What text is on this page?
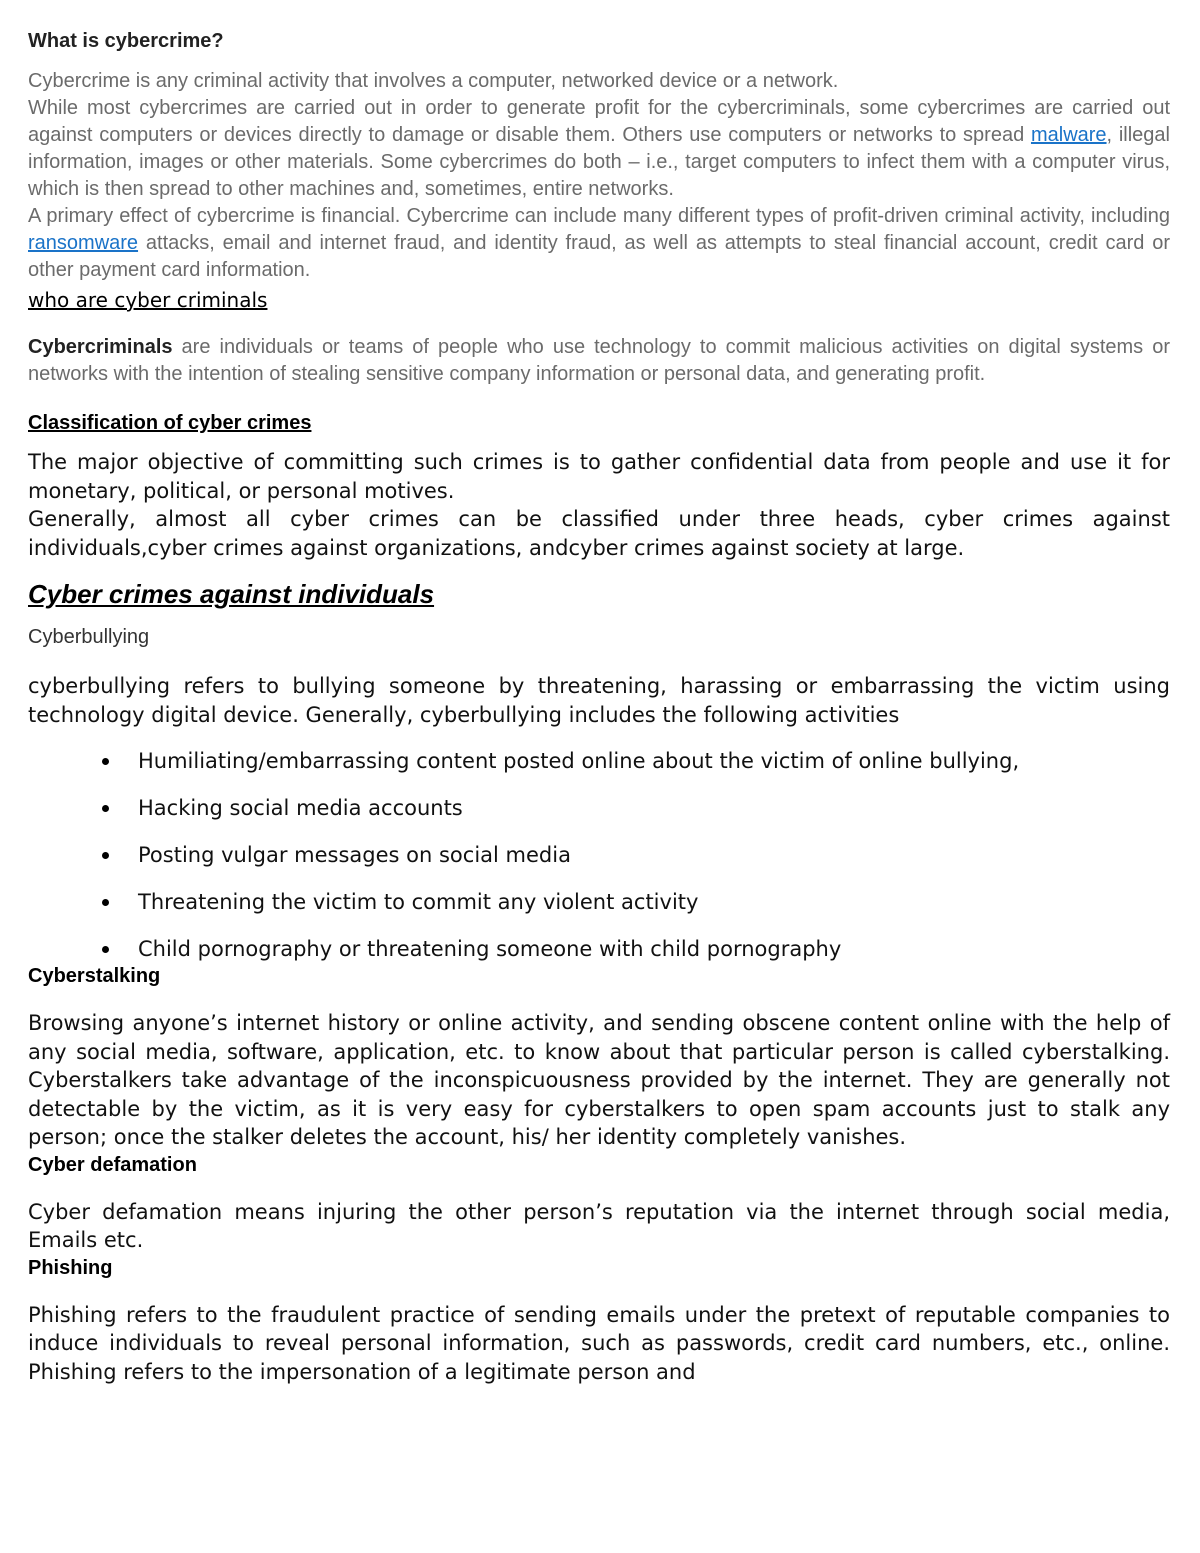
What is cybercrime?

Cybercrime is any criminal activity that involves a computer, networked device or a network.

While most cybercrimes are carried out in order to generate profit for the cybercriminals, some cybercrimes are carried out against computers or devices directly to damage or disable them. Others use computers or networks to spread malware, illegal information, images or other materials. Some cybercrimes do both – i.e., target computers to infect them with a computer virus, which is then spread to other machines and, sometimes, entire networks.

A primary effect of cybercrime is financial. Cybercrime can include many different types of profit-driven criminal activity, including ransomware attacks, email and internet fraud, and identity fraud, as well as attempts to steal financial account, credit card or other payment card information.

who are cyber criminals

Cybercriminals are individuals or teams of people who use technology to commit malicious activities on digital systems or networks with the intention of stealing sensitive company information or personal data, and generating profit.

Classification of cyber crimes

The major objective of committing such crimes is to gather confidential data from people and use it for monetary, political, or personal motives.

Generally, almost all cyber crimes can be classified under three heads, cyber crimes against individuals,cyber crimes against organizations, andcyber crimes against society at large.

Cyber crimes against individuals
Cyberbullying

cyberbullying refers to bullying someone by threatening, harassing or embarrassing the victim using technology digital device. Generally, cyberbullying includes the following activities

Humiliating/embarrassing content posted online about the victim of online bullying,
Hacking social media accounts
Posting vulgar messages on social media
Threatening the victim to commit any violent activity
Child pornography or threatening someone with child pornography
Cyberstalking

Browsing anyone’s internet history or online activity, and sending obscene content online with the help of any social media, software, application, etc. to know about that particular person is called cyberstalking. Cyberstalkers take advantage of the inconspicuousness provided by the internet. They are generally not detectable by the victim, as it is very easy for cyberstalkers to open spam accounts just to stalk any person; once the stalker deletes the account, his/ her identity completely vanishes.

Cyber defamation

Cyber defamation means injuring the other person’s reputation via the internet through social media, Emails etc.

Phishing

Phishing refers to the fraudulent practice of sending emails under the pretext of reputable companies to induce individuals to reveal personal information, such as passwords, credit card numbers, etc., online. Phishing refers to the impersonation of a legitimate person and
